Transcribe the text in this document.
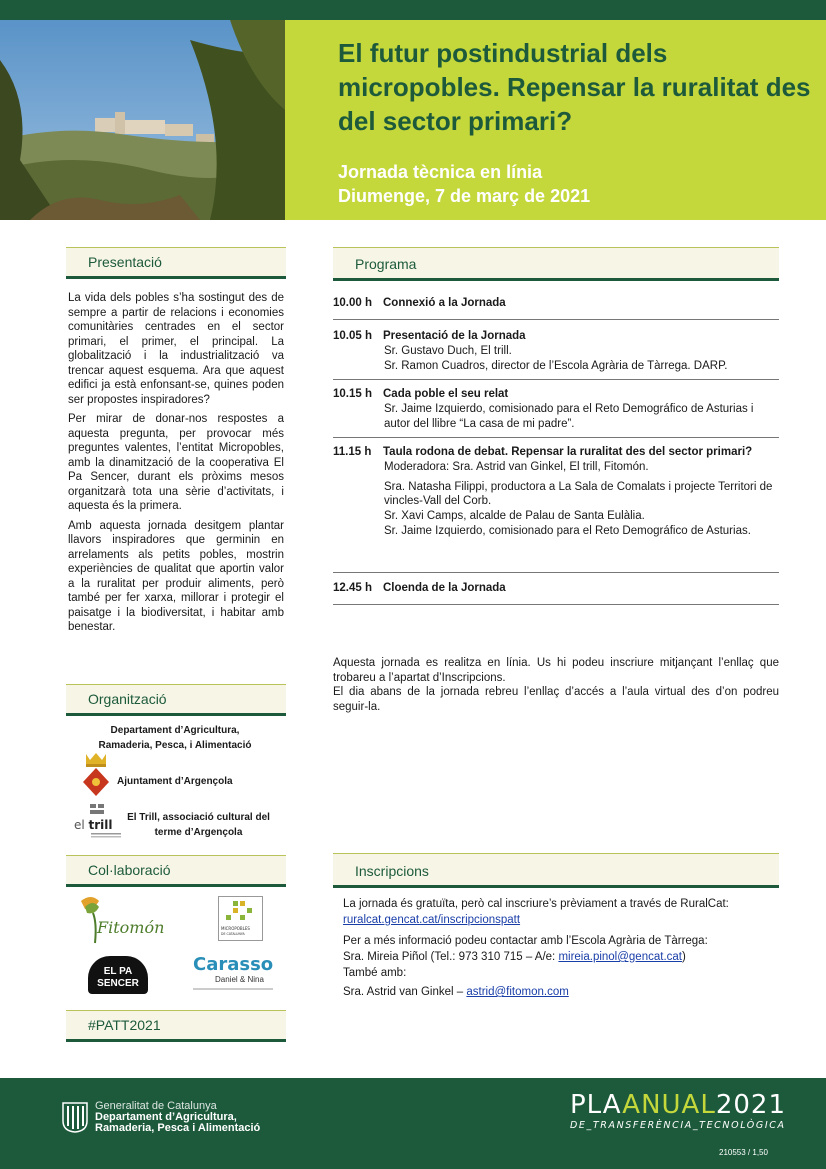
El futur postindustrial dels micropobles. Repensar la ruralitat des del sector primari?
Jornada tècnica en línia
Diumenge, 7 de març de 2021
Presentació

La vida dels pobles s’ha sostingut des de sempre a partir de relacions i economies comunitàries centrades en el sector primari, el primer, el principal. La globalització i la industrialització va trencar aquest esquema. Ara que aquest edifici ja està enfonsant-se, quines poden ser propostes inspiradores?

Per mirar de donar-nos respostes a aquesta pregunta, per provocar més preguntes valentes, l’entitat Micropobles, amb la dinamització de la cooperativa El Pa Sencer, durant els pròxims mesos organitzarà tota una sèrie d’activitats, i aquesta és la primera.

Amb aquesta jornada desitgem plantar llavors inspiradores que germinin en arrelaments als petits pobles, mostrin experiències de qualitat que aportin valor a la ruralitat per produir aliments, però també per fer xarxa, millorar i protegir el paisatge i la biodiversitat, i habitar amb benestar.

Programa
10.00 h Connexió a la Jornada
10.05 h Presentació de la Jornada
Sr. Gustavo Duch, El trill.
Sr. Ramon Cuadros, director de l’Escola Agrària de Tàrrega. DARP.
10.15 h Cada poble el seu relat
Sr. Jaime Izquierdo, comisionado para el Reto Demográfico de Asturias i autor del llibre “La casa de mi padre”.
11.15 h	Taula rodona de debat. Repensar la ruralitat des del sector primari?
Moderadora: Sra. Astrid van Ginkel, El trill, Fitomón.
Sra. Natasha Filippi, productora a La Sala de Comalats i projecte Territori de vincles-Vall del Corb.
Sr. Xavi Camps, alcalde de Palau de Santa Eulàlia.
Sr. Jaime Izquierdo, comisionado para el Reto Demográfico de Asturias.
12.45 h Cloenda de la Jornada
Aquesta jornada es realitza en línia. Us hi podeu inscriure mitjançant l’enllaç que trobareu a l’apartat d’Inscripcions.
El dia abans de la jornada rebreu l’enllaç d’accés a l’aula virtual des d’on podreu seguir-la.
Organització
Departament d’Agricultura, Ramaderia, Pesca, i Alimentació
Ajuntament d’Argençola
el trill
El Trill, associació cultural del terme d’Argençola
Col·laboració
Fitomón	MICROPOBLES
DE CATALUNYA
EL PA
SENCER
Carasso
Daniel & Nina
#PATT2021
Inscripcions
La jornada és gratuïta, però cal inscriure’s prèviament a través de RuralCat:
ruralcat.gencat.cat/inscripcionspatt
Per a més informació podeu contactar amb l’Escola Agrària de Tàrrega:
Sra. Mireia Piñol (Tel.: 973 310 715 – A/e: mireia.pinol@gencat.cat)
També amb:
Sra. Astrid van Ginkel – astrid@fitomon.com
Generalitat de Catalunya
Departament d’Agricultura,
Ramaderia, Pesca i Alimentació
PLAANUAL2021
DE_TRANSFERÈNCIA_TECNOLÒGICA
210553 / 1,50
